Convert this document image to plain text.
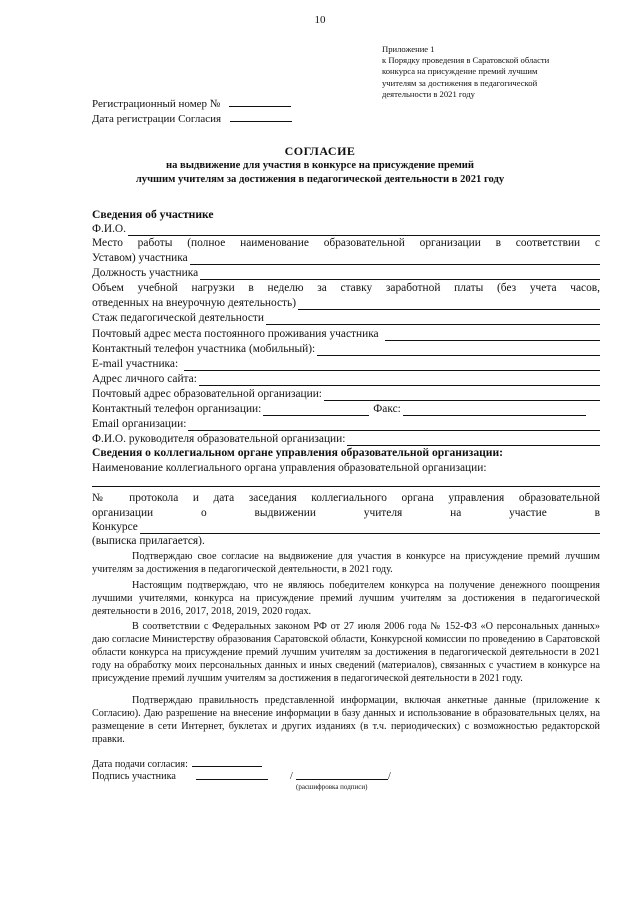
10
Приложение 1
к Порядку проведения в Саратовской области
конкурса на присуждение премий лучшим
учителям за достижения в педагогической
деятельности в 2021 году
Регистрационный номер №
Дата регистрации Согласия
СОГЛАСИЕ
на выдвижение для участия в конкурсе на присуждение премий
лучшим учителям за достижения в педагогической деятельности в 2021 году
Сведения об участнике
Ф.И.О.
Место работы (полное наименование образовательной организации в соответствии с
Уставом) участника
Должность участника
Объем учебной нагрузки в неделю за ставку заработной платы (без учета часов,
отведенных на внеурочную деятельность)
Стаж педагогической деятельности
Почтовый адрес места постоянного проживания участника
Контактный телефон участника (мобильный):
E-mail участника:
Адрес личного сайта:
Почтовый адрес образовательной организации:
Контактный телефон организации:	Факс:
Email организации:
Ф.И.О. руководителя образовательной организации:
Сведения о коллегиальном органе управления образовательной организации:
Наименование коллегиального органа управления образовательной организации:
№ протокола и дата заседания коллегиального органа управления образовательной
организации	о	выдвижении	учителя	на	участие	в
Конкурсе
(выписка прилагается).
Подтверждаю свое согласие на выдвижение для участия в конкурсе на присуждение премий лучшим учителям за достижения в педагогической деятельности, в 2021 году.
Настоящим подтверждаю, что не являюсь победителем конкурса на получение денежного поощрения лучшими учителями, конкурса на присуждение премий лучшим учителям за достижения в педагогической деятельности в 2016, 2017, 2018, 2019, 2020 годах.
В соответствии с Федеральных законом РФ от 27 июля 2006 года № 152-ФЗ «О персональных данных» даю согласие Министерству образования Саратовской области, Конкурсной комиссии по проведению в Саратовской области конкурса на присуждение премий лучшим учителям за достижения в педагогической деятельности в 2021 году на обработку моих персональных данных и иных сведений (материалов), связанных с участием в конкурсе на присуждение премий лучшим учителям за достижения в педагогической деятельности в 2021 году.
Подтверждаю правильность представленной информации, включая анкетные данные (приложение к Согласию). Даю разрешение на внесение информации в базу данных и использование в образовательных целях, на размещение в сети Интернет, буклетах и других изданиях (в т.ч. периодических) с возможностью редакторской правки.
Дата подачи согласия:
Подпись участника	/	/
(расшифровка подписи)
